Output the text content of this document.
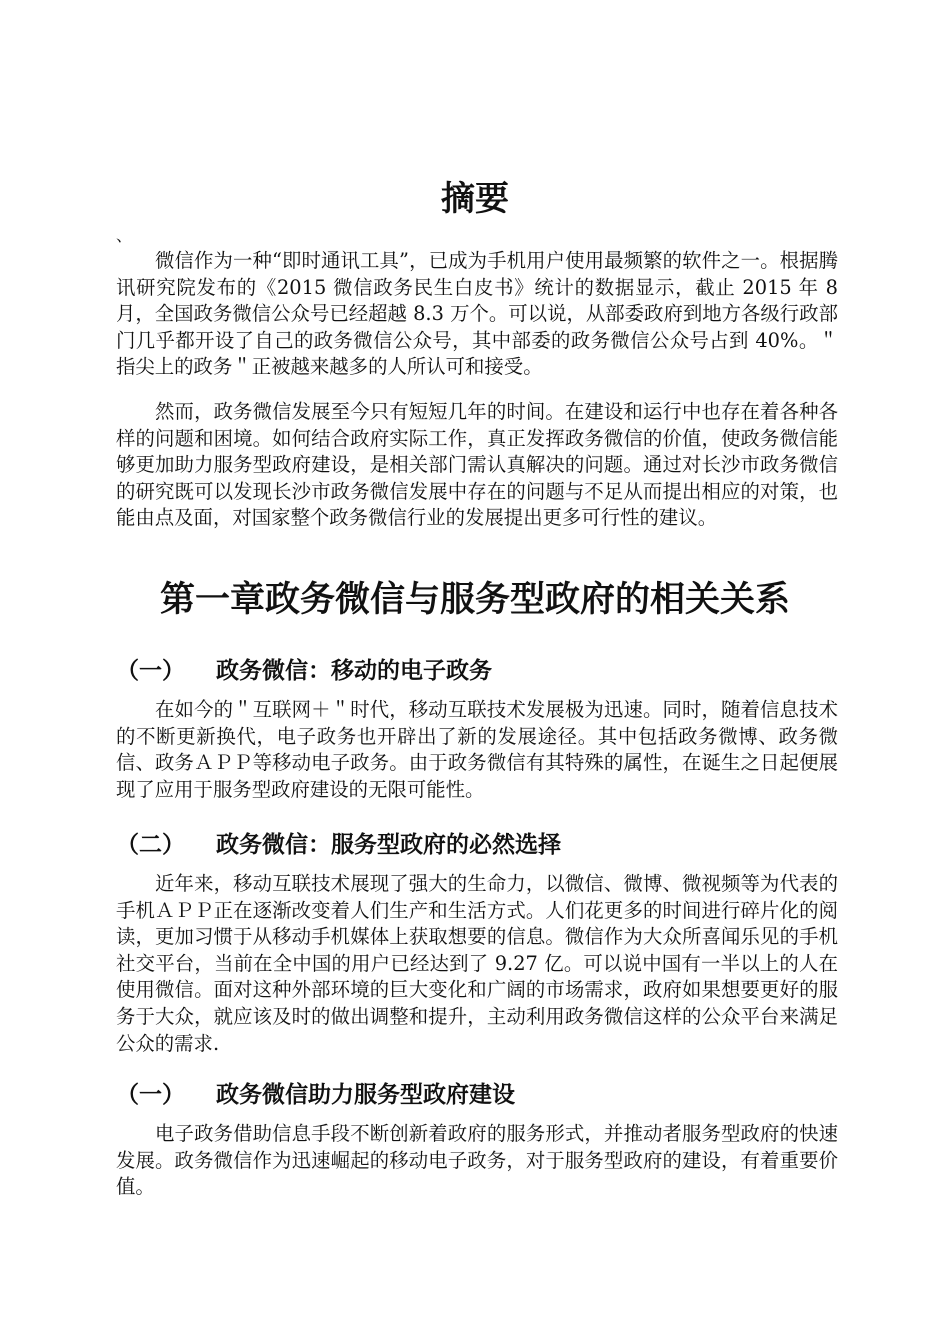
摘要
、

　　微信作为一种“即时通讯工具”，已成为手机用户使用最频繁的软件之一。根据腾讯研究院发布的《2015 微信政务民生白皮书》统计的数据显示，截止 2015 年 8 月，全国政务微信公众号已经超越 8.3 万个。可以说，从部委政府到地方各级行政部门几乎都开设了自己的政务微信公众号，其中部委的政务微信公众号占到 40%。＂指尖上的政务＂正被越来越多的人所认可和接受。

　　然而，政务微信发展至今只有短短几年的时间。在建设和运行中也存在着各种各样的问题和困境。如何结合政府实际工作，真正发挥政务微信的价值，使政务微信能够更加助力服务型政府建设，是相关部门需认真解决的问题。通过对长沙市政务微信的研究既可以发现长沙市政务微信发展中存在的问题与不足从而提出相应的对策，也能由点及面，对国家整个政务微信行业的发展提出更多可行性的建议。

第一章政务微信与服务型政府的相关关系
（一） 政务微信：移动的电子政务

　　在如今的＂互联网＋＂时代，移动互联技术发展极为迅速。同时，随着信息技术的不断更新换代，电子政务也开辟出了新的发展途径。其中包括政务微博、政务微信、政务ＡＰＰ等移动电子政务。由于政务微信有其特殊的属性，在诞生之日起便展现了应用于服务型政府建设的无限可能性。

（二） 政务微信：服务型政府的必然选择

　　近年来，移动互联技术展现了强大的生命力，以微信、微博、微视频等为代表的手机ＡＰＰ正在逐渐改变着人们生产和生活方式。人们花更多的时间进行碎片化的阅读，更加习惯于从移动手机媒体上获取想要的信息。微信作为大众所喜闻乐见的手机社交平台，当前在全中国的用户已经达到了 9.27 亿。可以说中国有一半以上的人在使用微信。面对这种外部环境的巨大变化和广阔的市场需求，政府如果想要更好的服务于大众，就应该及时的做出调整和提升，主动利用政务微信这样的公众平台来满足公众的需求.

（一） 政务微信助力服务型政府建设

　　电子政务借助信息手段不断创新着政府的服务形式，并推动者服务型政府的快速发展。政务微信作为迅速崛起的移动电子政务，对于服务型政府的建设，有着重要价值。
